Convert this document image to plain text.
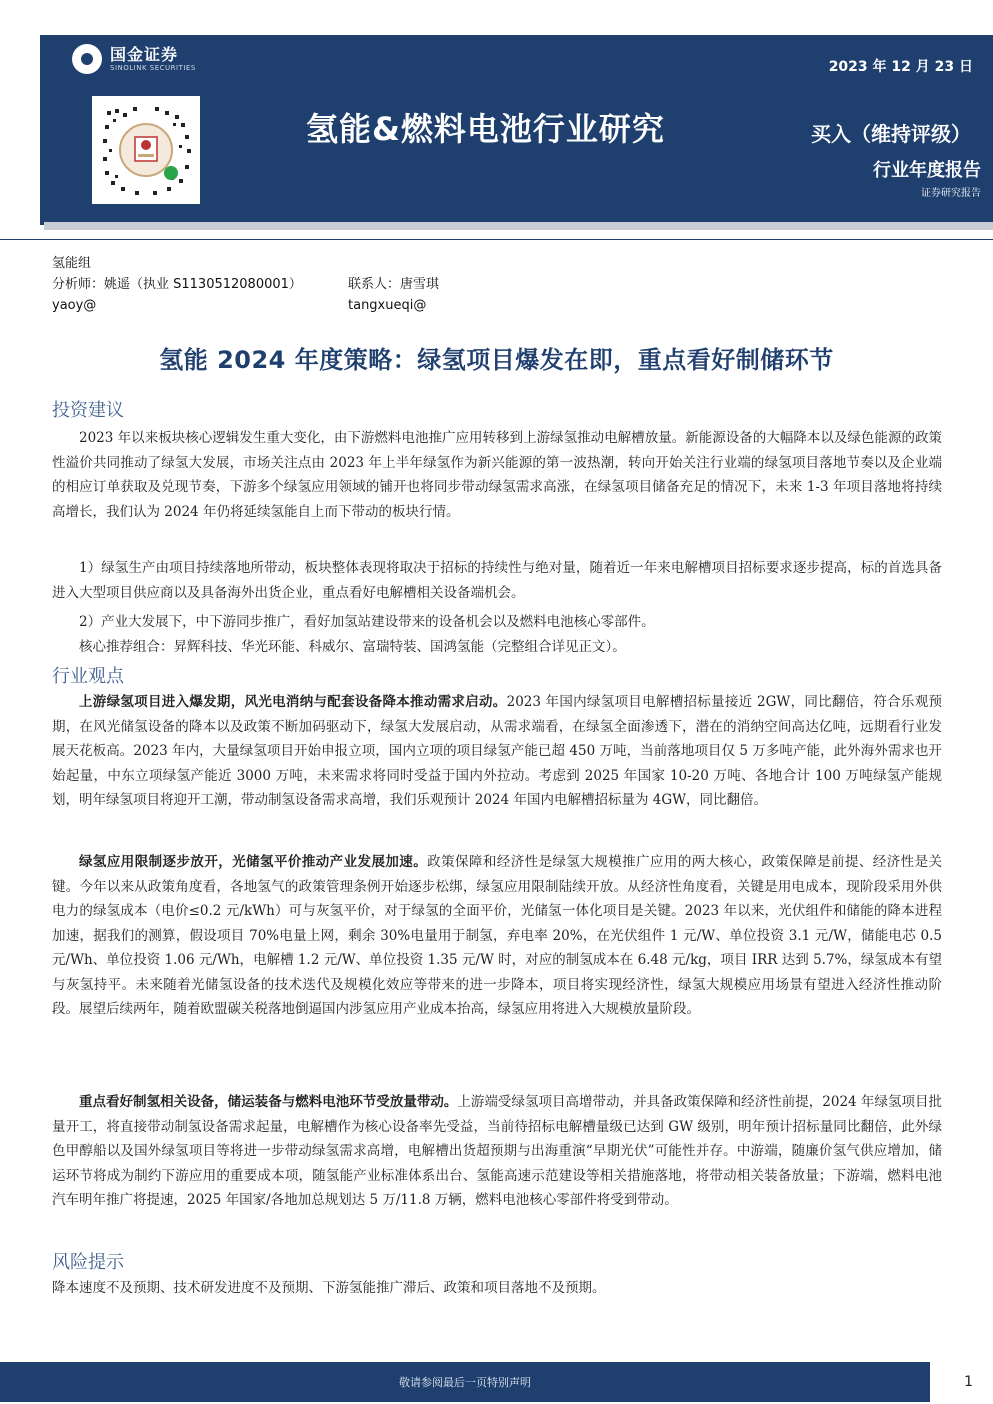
国金证券
SINOLINK SECURITIES	2023 年 12 月 23 日
氢能&燃料电池行业研究	买入（维持评级）
行业年度报告
证券研究报告
氢能组
分析师：姚遥（执业 S1130512080001）
yaoy@
联系人：唐雪琪
tangxueqi@
氢能 2024 年度策略：绿氢项目爆发在即，重点看好制储环节
投资建议
2023 年以来板块核心逻辑发生重大变化，由下游燃料电池推广应用转移到上游绿氢推动电解槽放量。新能源设备的大幅降本以及绿色能源的政策性溢价共同推动了绿氢大发展，市场关注点由 2023 年上半年绿氢作为新兴能源的第一波热潮，转向开始关注行业端的绿氢项目落地节奏以及企业端的相应订单获取及兑现节奏，下游多个绿氢应用领域的铺开也将同步带动绿氢需求高涨，在绿氢项目储备充足的情况下，未来 1-3 年项目落地将持续高增长，我们认为 2024 年仍将延续氢能自上而下带动的板块行情。
1）绿氢生产由项目持续落地所带动，板块整体表现将取决于招标的持续性与绝对量，随着近一年来电解槽项目招标要求逐步提高，标的首选具备进入大型项目供应商以及具备海外出货企业，重点看好电解槽相关设备端机会。
2）产业大发展下，中下游同步推广，看好加氢站建设带来的设备机会以及燃料电池核心零部件。
核心推荐组合：昇辉科技、华光环能、科威尔、富瑞特装、国鸿氢能（完整组合详见正文）。
行业观点
上游绿氢项目进入爆发期，风光电消纳与配套设备降本推动需求启动。2023 年国内绿氢项目电解槽招标量接近 2GW，同比翻倍，符合乐观预期，在风光储氢设备的降本以及政策不断加码驱动下，绿氢大发展启动，从需求端看，在绿氢全面渗透下，潜在的消纳空间高达亿吨，远期看行业发展天花板高。2023 年内，大量绿氢项目开始申报立项，国内立项的项目绿氢产能已超 450 万吨，当前落地项目仅 5 万多吨产能，此外海外需求也开始起量，中东立项绿氢产能近 3000 万吨，未来需求将同时受益于国内外拉动。考虑到 2025 年国家 10-20 万吨、各地合计 100 万吨绿氢产能规划，明年绿氢项目将迎开工潮，带动制氢设备需求高增，我们乐观预计 2024 年国内电解槽招标量为 4GW，同比翻倍。
绿氢应用限制逐步放开，光储氢平价推动产业发展加速。政策保障和经济性是绿氢大规模推广应用的两大核心，政策保障是前提、经济性是关键。今年以来从政策角度看，各地氢气的政策管理条例开始逐步松绑，绿氢应用限制陆续开放。从经济性角度看，关键是用电成本，现阶段采用外供电力的绿氢成本（电价≤0.2 元/kWh）可与灰氢平价，对于绿氢的全面平价，光储氢一体化项目是关键。2023 年以来，光伏组件和储能的降本进程加速，据我们的测算，假设项目 70%电量上网，剩余 30%电量用于制氢，弃电率 20%，在光伏组件 1 元/W、单位投资 3.1 元/W，储能电芯 0.5 元/Wh、单位投资 1.06 元/Wh，电解槽 1.2 元/W、单位投资 1.35 元/W 时，对应的制氢成本在 6.48 元/kg，项目 IRR 达到 5.7%，绿氢成本有望与灰氢持平。未来随着光储氢设备的技术迭代及规模化效应等带来的进一步降本，项目将实现经济性，绿氢大规模应用场景有望进入经济性推动阶段。展望后续两年，随着欧盟碳关税落地倒逼国内涉氢应用产业成本抬高，绿氢应用将进入大规模放量阶段。
重点看好制氢相关设备，储运装备与燃料电池环节受放量带动。上游端受绿氢项目高增带动，并具备政策保障和经济性前提，2024 年绿氢项目批量开工，将直接带动制氢设备需求起量，电解槽作为核心设备率先受益，当前待招标电解槽量级已达到 GW 级别，明年预计招标量同比翻倍，此外绿色甲醇船以及国外绿氢项目等将进一步带动绿氢需求高增，电解槽出货超预期与出海重演“早期光伏”可能性并存。中游端，随廉价氢气供应增加，储运环节将成为制约下游应用的重要成本项，随氢能产业标准体系出台、氢能高速示范建设等相关措施落地，将带动相关装备放量；下游端，燃料电池汽车明年推广将提速，2025 年国家/各地加总规划达 5 万/11.8 万辆，燃料电池核心零部件将受到带动。
风险提示
降本速度不及预期、技术研发进度不及预期、下游氢能推广滞后、政策和项目落地不及预期。
敬请参阅最后一页特别声明	1
